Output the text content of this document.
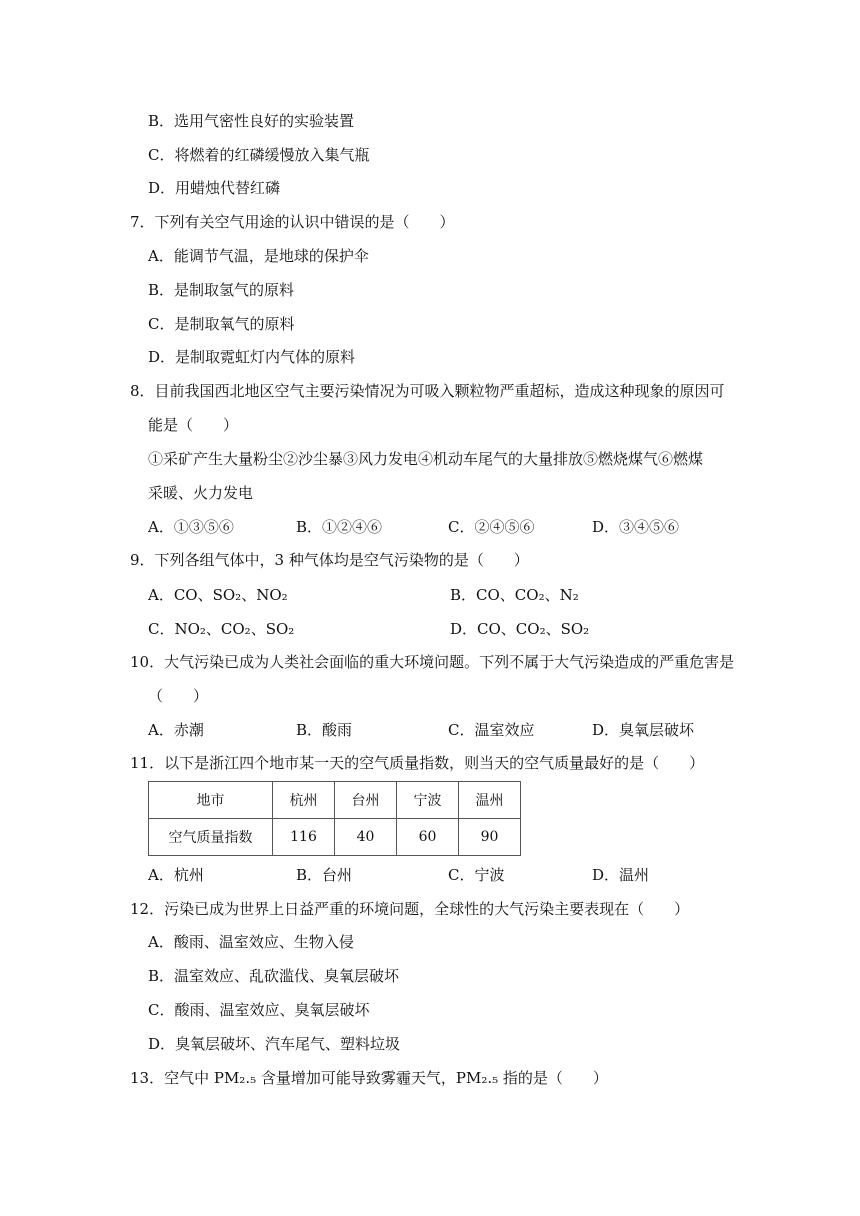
B．选用气密性良好的实验装置
C．将燃着的红磷缓慢放入集气瓶
D．用蜡烛代替红磷
7．下列有关空气用途的认识中错误的是（　　）
A．能调节气温，是地球的保护伞
B．是制取氢气的原料
C．是制取氧气的原料
D．是制取霓虹灯内气体的原料
8．目前我国西北地区空气主要污染情况为可吸入颗粒物严重超标，造成这种现象的原因可
能是（　　）
①采矿产生大量粉尘②沙尘暴③风力发电④机动车尾气的大量排放⑤燃烧煤气⑥燃煤
采暖、火力发电
A．①③⑤⑥	B．①②④⑥	C．②④⑤⑥	D．③④⑤⑥
9．下列各组气体中，3 种气体均是空气污染物的是（　　）
A．CO、SO₂、NO₂	B．CO、CO₂、N₂
C．NO₂、CO₂、SO₂	D．CO、CO₂、SO₂
10．大气污染已成为人类社会面临的重大环境问题。下列不属于大气污染造成的严重危害是
（　　）
A．赤潮	B．酸雨	C．温室效应	D．臭氧层破坏
11．以下是浙江四个地市某一天的空气质量指数，则当天的空气质量最好的是（　　）
地市	杭州	台州	宁波	温州
空气质量指数	116	40	60	90
A．杭州	B．台州	C．宁波	D．温州
12．污染已成为世界上日益严重的环境问题，全球性的大气污染主要表现在（　　）
A．酸雨、温室效应、生物入侵
B．温室效应、乱砍滥伐、臭氧层破坏
C．酸雨、温室效应、臭氧层破坏
D．臭氧层破坏、汽车尾气、塑料垃圾
13．空气中 PM₂.₅ 含量增加可能导致雾霾天气，PM₂.₅ 指的是（　　）
